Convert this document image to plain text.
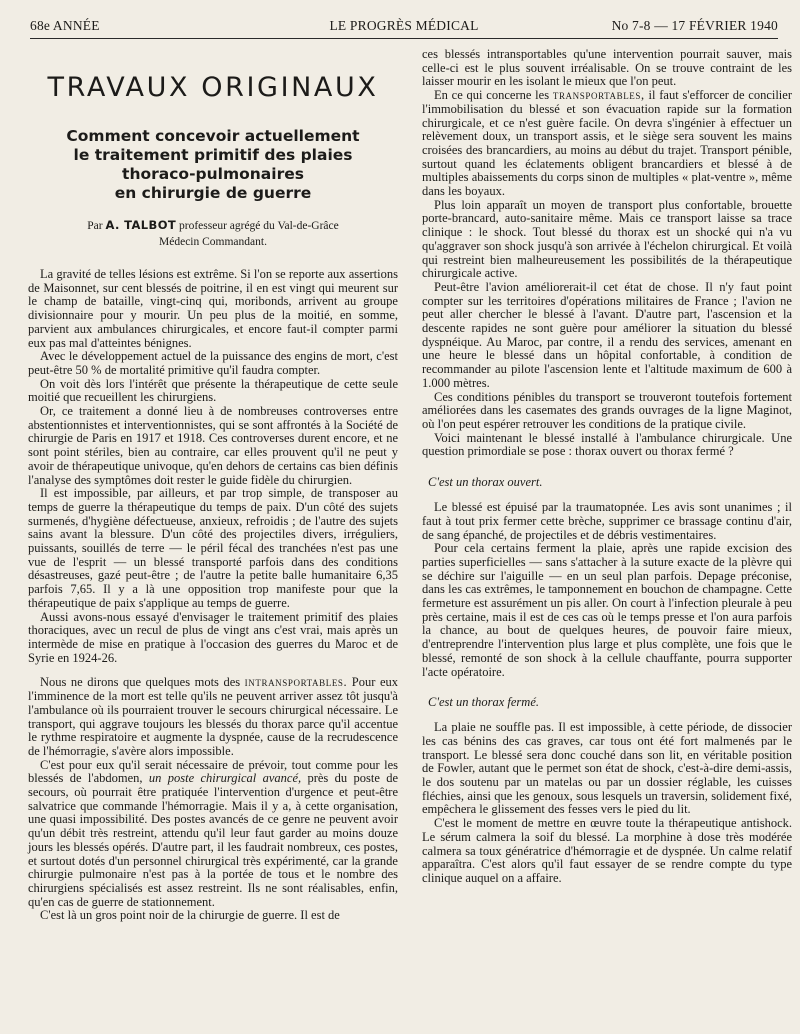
68e ANNÉE	LE PROGRÈS MÉDICAL	No 7-8 — 17 FÉVRIER 1940
TRAVAUX ORIGINAUX
Comment concevoir actuellement
le traitement primitif des plaies
thoraco-pulmonaires
en chirurgie de guerre
Par A. TALBOT professeur agrégé du Val-de-Grâce
Médecin Commandant.

La gravité de telles lésions est extrême. Si l'on se reporte aux assertions de Maisonnet, sur cent blessés de poitrine, il en est vingt qui meurent sur le champ de bataille, vingt-cinq qui, moribonds, arrivent au groupe divisionnaire pour y mourir. Un peu plus de la moitié, en somme, parvient aux ambulances chirurgicales, et encore faut-il compter parmi eux pas mal d'atteintes bénignes.

Avec le développement actuel de la puissance des engins de mort, c'est peut-être 50 % de mortalité primitive qu'il faudra compter.

On voit dès lors l'intérêt que présente la thérapeutique de cette seule moitié que recueillent les chirurgiens.

Or, ce traitement a donné lieu à de nombreuses controverses entre abstentionnistes et interventionnistes, qui se sont affrontés à la Société de chirurgie de Paris en 1917 et 1918. Ces controverses durent encore, et ne sont point stériles, bien au contraire, car elles prouvent qu'il ne peut y avoir de thérapeutique univoque, qu'en dehors de certains cas bien définis l'analyse des symptômes doit rester le guide fidèle du chirurgien.

Il est impossible, par ailleurs, et par trop simple, de transposer au temps de guerre la thérapeutique du temps de paix. D'un côté des sujets surmenés, d'hygiène défectueuse, anxieux, refroidis ; de l'autre des sujets sains avant la blessure. D'un côté des projectiles divers, irréguliers, puissants, souillés de terre — le péril fécal des tranchées n'est pas une vue de l'esprit — un blessé transporté parfois dans des conditions désastreuses, gazé peut-être ; de l'autre la petite balle humanitaire 6,35 parfois 7,65. Il y a là une opposition trop manifeste pour que la thérapeutique de paix s'applique au temps de guerre.

Aussi avons-nous essayé d'envisager le traitement primitif des plaies thoraciques, avec un recul de plus de vingt ans c'est vrai, mais après un intermède de mise en pratique à l'occasion des guerres du Maroc et de Syrie en 1924-26.

Nous ne dirons que quelques mots des intransportables. Pour eux l'imminence de la mort est telle qu'ils ne peuvent arriver assez tôt jusqu'à l'ambulance où ils pourraient trouver le secours chirurgical nécessaire. Le transport, qui aggrave toujours les blessés du thorax parce qu'il accentue le rythme respiratoire et augmente la dyspnée, cause de la recrudescence de l'hémorragie, s'avère alors impossible.

C'est pour eux qu'il serait nécessaire de prévoir, tout comme pour les blessés de l'abdomen, un poste chirurgical avancé, près du poste de secours, où pourrait être pratiquée l'intervention d'urgence et peut-être salvatrice que commande l'hémorragie. Mais il y a, à cette organisation, une quasi impossibilité. Des postes avancés de ce genre ne peuvent avoir qu'un débit très restreint, attendu qu'il leur faut garder au moins douze jours les blessés opérés. D'autre part, il les faudrait nombreux, ces postes, et surtout dotés d'un personnel chirurgical très expérimenté, car la grande chirurgie pulmonaire n'est pas à la portée de tous et le nombre des chirurgiens spécialisés est assez restreint. Ils ne sont réalisables, enfin, qu'en cas de guerre de stationnement.

C'est là un gros point noir de la chirurgie de guerre. Il est de

ces blessés intransportables qu'une intervention pourrait sauver, mais celle-ci est le plus souvent irréalisable. On se trouve contraint de les laisser mourir en les isolant le mieux que l'on peut.

En ce qui concerne les transportables, il faut s'efforcer de concilier l'immobilisation du blessé et son évacuation rapide sur la formation chirurgicale, et ce n'est guère facile. On devra s'ingénier à effectuer un relèvement doux, un transport assis, et le siège sera souvent les mains croisées des brancardiers, au moins au début du trajet. Transport pénible, surtout quand les éclatements obligent brancardiers et blessé à de multiples abaissements du corps sinon de multiples « plat-ventre », même dans les boyaux.

Plus loin apparaît un moyen de transport plus confortable, brouette porte-brancard, auto-sanitaire même. Mais ce transport laisse sa trace clinique : le shock. Tout blessé du thorax est un shocké qui n'a vu qu'aggraver son shock jusqu'à son arrivée à l'échelon chirurgical. Et voilà qui restreint bien malheureusement les possibilités de la thérapeutique chirurgicale active.

Peut-être l'avion améliorerait-il cet état de chose. Il n'y faut point compter sur les territoires d'opérations militaires de France ; l'avion ne peut aller chercher le blessé à l'avant. D'autre part, l'ascension et la descente rapides ne sont guère pour améliorer la situation du blessé dyspnéique. Au Maroc, par contre, il a rendu des services, amenant en une heure le blessé dans un hôpital confortable, à condition de recommander au pilote l'ascension lente et l'altitude maximum de 600 à 1.000 mètres.

Ces conditions pénibles du transport se trouveront toutefois fortement améliorées dans les casemates des grands ouvrages de la ligne Maginot, où l'on peut espérer retrouver les conditions de la pratique civile.

Voici maintenant le blessé installé à l'ambulance chirurgicale. Une question primordiale se pose : thorax ouvert ou thorax fermé ?

C'est un thorax ouvert.

Le blessé est épuisé par la traumatopnée. Les avis sont unanimes ; il faut à tout prix fermer cette brèche, supprimer ce brassage continu d'air, de sang épanché, de projectiles et de débris vestimentaires.

Pour cela certains ferment la plaie, après une rapide excision des parties superficielles — sans s'attacher à la suture exacte de la plèvre qui se déchire sur l'aiguille — en un seul plan parfois. Depage préconise, dans les cas extrêmes, le tamponnement en bouchon de champagne. Cette fermeture est assurément un pis aller. On court à l'infection pleurale à peu près certaine, mais il est de ces cas où le temps presse et l'on aura parfois la chance, au bout de quelques heures, de pouvoir faire mieux, d'entreprendre l'intervention plus large et plus complète, une fois que le blessé, remonté de son shock à la cellule chauffante, pourra supporter l'acte opératoire.

C'est un thorax fermé.

La plaie ne souffle pas. Il est impossible, à cette période, de dissocier les cas bénins des cas graves, car tous ont été fort malmenés par le transport. Le blessé sera donc couché dans son lit, en véritable position de Fowler, autant que le permet son état de shock, c'est-à-dire demi-assis, le dos soutenu par un matelas ou par un dossier réglable, les cuisses fléchies, ainsi que les genoux, sous lesquels un traversin, solidement fixé, empêchera le glissement des fesses vers le pied du lit.

C'est le moment de mettre en œuvre toute la thérapeutique antishock. Le sérum calmera la soif du blessé. La morphine à dose très modérée calmera sa toux génératrice d'hémorragie et de dyspnée. Un calme relatif apparaîtra. C'est alors qu'il faut essayer de se rendre compte du type clinique auquel on a affaire.
